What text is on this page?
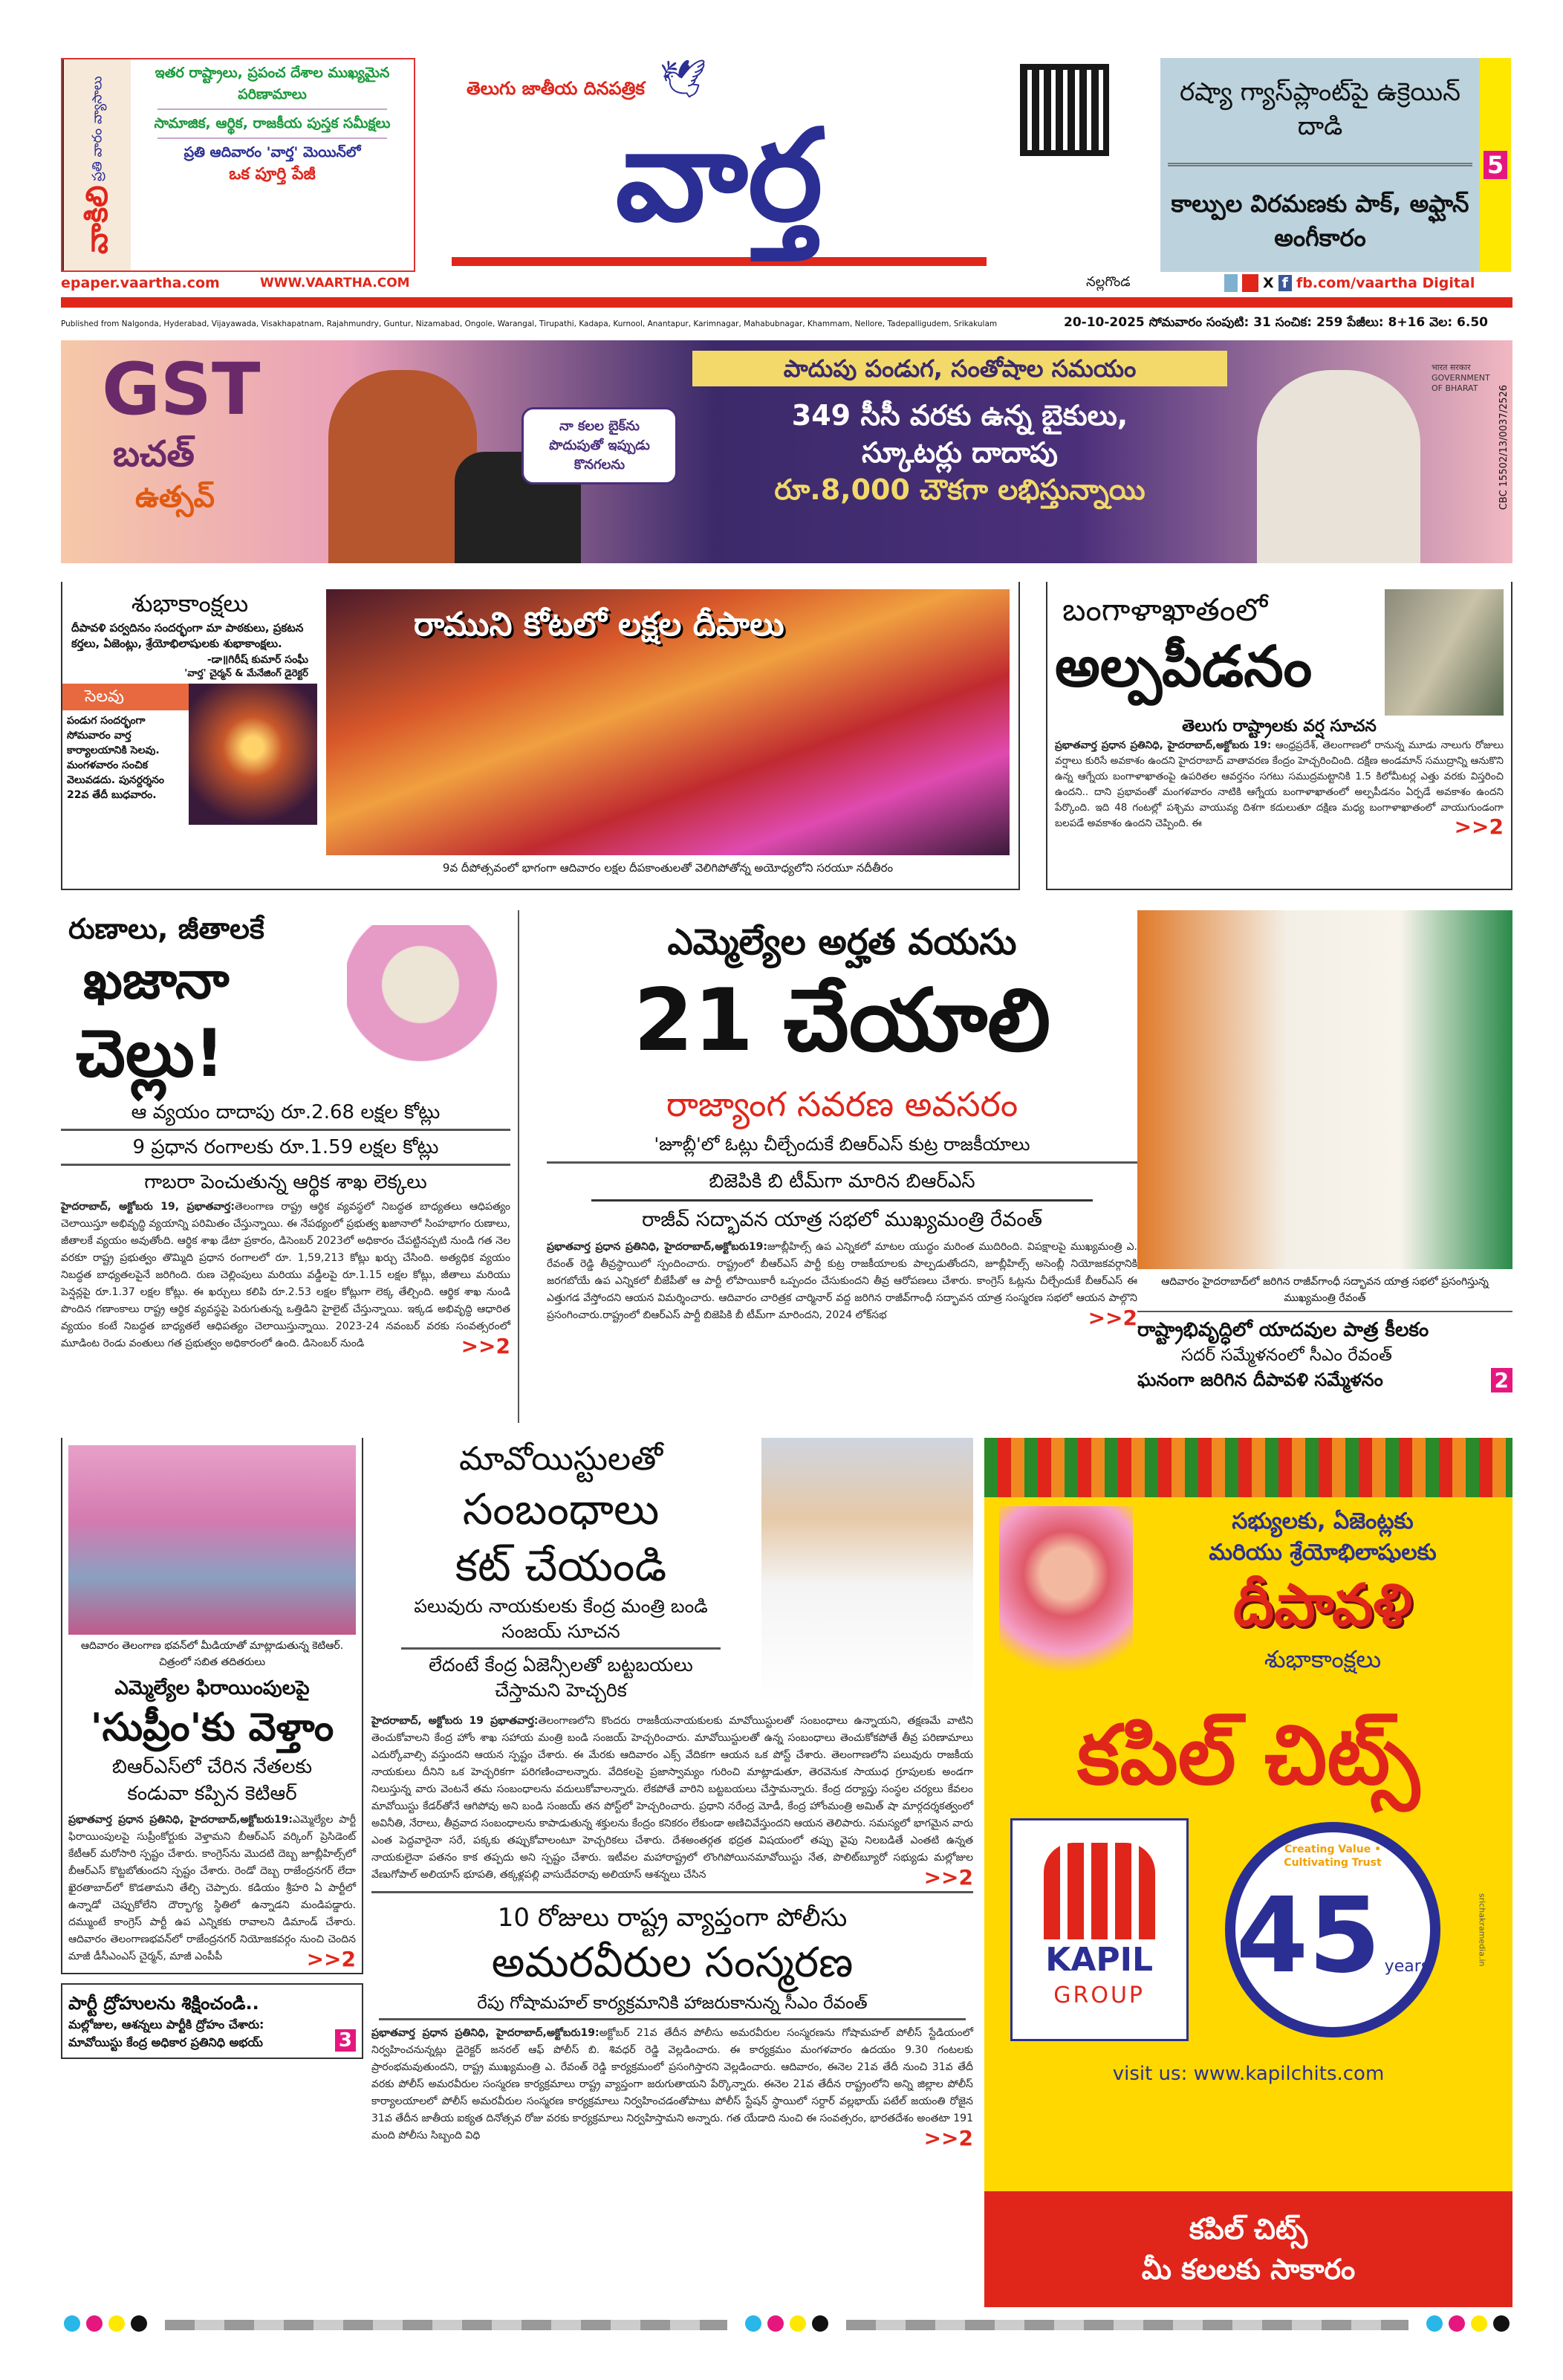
వాకిలి
ప్రతి వారం వ్యాసాలు
ఇతర రాష్ట్రాలు, ప్రపంచ దేశాల ముఖ్యమైన పరిణామాలు
సామాజిక, ఆర్థిక, రాజకీయ పుస్తక సమీక్షలు
ప్రతి ఆదివారం 'వార్త' మెయిన్‌లో
ఒక పూర్తి పేజీ
తెలుగు జాతీయ దినపత్రిక 🕊
వార్త
రష్యా గ్యాస్‌ప్లాంట్‌పై ఉక్రెయిన్ దాడి
కాల్పుల విరమణకు పాక్, అఫ్ఘాన్ అంగీకారం
5
epaper.vaartha.com	WWW.VAARTHA.COM	నల్లగొండ	X f fb.com/vaartha Digital
Published from Nalgonda, Hyderabad, Vijayawada, Visakhapatnam, Rajahmundry, Guntur, Nizamabad, Ongole, Warangal, Tirupathi, Kadapa, Kurnool, Anantapur, Karimnagar, Mahabubnagar, Khammam, Nellore, Tadepalligudem, Srikakulam	20-10-2025 సోమవారం సంపుటి: 31 సంచిక: 259 పేజీలు: 8+16 వెల: 6.50
GST
బచత్
ఉత్సవ్
నా కలల బైక్‌ను పొదుపుతో ఇప్పుడు కొనగలను
పాదుపు పండుగ, సంతోషాల సమయం
349 సీసీ వరకు ఉన్న బైకులు,
స్కూటర్లు దాదాపు
రూ.8,000 చౌకగా లభిస్తున్నాయి
भारत सरकार GOVERNMENT OF BHARAT	CBC 15502/13/0037/2526
శుభాకాంక్షలు
దీపావళి పర్వదినం సందర్భంగా మా పాఠకులు, ప్రకటన కర్తలు, ఏజెంట్లు, శ్రేయోభిలాషులకు శుభాకాంక్షలు.
-డా॥గిరీష్ కుమార్ సంఘీ
'వార్త' చైర్మన్ & మేనేజింగ్ డైరెక్టర్
సెలవు
పండుగ సందర్భంగా సోమవారం వార్త కార్యాలయానికి సెలవు. మంగళవారం సంచిక వెలువడదు. పునర్దర్శనం 22వ తేదీ బుధవారం.
రాముని కోటలో లక్షల దీపాలు
9వ దీపోత్సవంలో భాగంగా ఆదివారం లక్షల దీపకాంతులతో వెలిగిపోతోన్న అయోధ్యలోని సరయూ నదీతీరం
బంగాళాఖాతంలో
అల్పపీడనం
తెలుగు రాష్ట్రాలకు వర్ష సూచన
ప్రభాతవార్త ప్రధాన ప్రతినిధి, హైదరాబాద్,అక్టోబరు 19: ఆంధ్రప్రదేశ్, తెలంగాణలో రానున్న మూడు నాలుగు రోజులు వర్షాలు కురిసే అవకాశం ఉందని హైదరాబాద్ వాతావరణ కేంద్రం హెచ్చరించింది. దక్షిణ అండమాన్ సముద్రాన్ని ఆనుకొని ఉన్న ఆగ్నేయ బంగాళాఖాతంపై ఉపరితల ఆవర్తనం సగటు సముద్రమట్టానికి 1.5 కిలోమీటర్ల ఎత్తు వరకు విస్తరించి ఉందని.. దాని ప్రభావంతో మంగళవారం నాటికి ఆగ్నేయ బంగాళాఖాతంలో అల్పపీడనం ఏర్పడే అవకాశం ఉందని పేర్కొంది. ఇది 48 గంటల్లో పశ్చిమ వాయువ్య దిశగా కదులుతూ దక్షిణ మధ్య బంగాళాఖాతంలో వాయుగుండంగా బలపడే అవకాశం ఉందని చెప్పింది. ఈ	>>2
రుణాలు, జీతాలకే
ఖజానా
చెల్లు!
ఆ వ్యయం దాదాపు రూ.2.68 లక్షల కోట్లు
9 ప్రధాన రంగాలకు రూ.1.59 లక్షల కోట్లు
గాబరా పెంచుతున్న ఆర్థిక శాఖ లెక్కలు
హైదరాబాద్, అక్టోబరు 19, ప్రభాతవార్త:తెలంగాణ రాష్ట్ర ఆర్థిక వ్యవస్థలో నిబద్ధత బాధ్యతలు ఆధిపత్యం చెలాయిస్తూ అభివృద్ధి వ్యయాన్ని పరిమితం చేస్తున్నాయి. ఈ నేపథ్యంలో ప్రభుత్వ ఖజానాలో సింహభాగం రుణాలు, జీతాలకే వ్యయం అవుతోంది. ఆర్థిక శాఖ డేటా ప్రకారం, డిసెంబర్ 2023లో అధికారం చేపట్టినప్పటి నుండి గత నెల వరకూ రాష్ట్ర ప్రభుత్వం తొమ్మిది ప్రధాన రంగాలలో రూ. 1,59,213 కోట్లు ఖర్చు చేసింది. అత్యధిక వ్యయం నిబద్ధత బాధ్యతలపైనే జరిగింది. రుణ చెల్లింపులు మరియు వడ్డీలపై రూ.1.15 లక్షల కోట్లు, జీతాలు మరియు పెన్షన్లపై రూ.1.37 లక్షల కోట్లు. ఈ ఖర్చులు కలిపి రూ.2.53 లక్షల కోట్లుగా లెక్క తేల్చింది. ఆర్థిక శాఖ నుండి పొందిన గణాంకాలు రాష్ట్ర ఆర్థిక వ్యవస్థపై పెరుగుతున్న ఒత్తిడిని హైలైట్ చేస్తున్నాయి. ఇక్కడ అభివృద్ధి ఆధారిత వ్యయం కంటే నిబద్ధత బాధ్యతలే ఆధిపత్యం చెలాయిస్తున్నాయి. 2023-24 నవంబర్ వరకు సంవత్సరంలో మూడింట రెండు వంతులు గత ప్రభుత్వం అధికారంలో ఉంది. డిసెంబర్ నుండి	>>2
ఎమ్మెల్యేల అర్హత వయసు
21 చేయాలి
రాజ్యాంగ సవరణ అవసరం
'జూబ్లీ'లో ఓట్లు చీల్చేందుకే బిఆర్ఎస్ కుట్ర రాజకీయాలు
బిజెపికి బి టీమ్‌గా మారిన బిఆర్ఎస్
రాజీవ్ సద్భావన యాత్ర సభలో ముఖ్యమంత్రి రేవంత్
ప్రభాతవార్త ప్రధాన ప్రతినిధి, హైదరాబాద్,అక్టోబరు19:జూబ్లీహిల్స్ ఉప ఎన్నికలో మాటల యుద్ధం మరింత ముదిరింది. విపక్షాలపై ముఖ్యమంత్రి ఎ. రేవంత్ రెడ్డి తీవ్రస్థాయిలో స్పందించారు. రాష్ట్రంలో బీఆర్ఎస్ పార్టీ కుట్ర రాజకీయాలకు పాల్పడుతోందని, జూబ్లీహిల్స్ అసెంబ్లీ నియోజకవర్గానికి జరగబోయే ఉప ఎన్నికలో బీజేపీతో ఆ పార్టీ లోపాయికారీ ఒప్పందం చేసుకుందని తీవ్ర ఆరోపణలు చేశారు. కాంగ్రెస్ ఓట్లను చీల్చేందుకే బీఆర్ఎస్ ఈ ఎత్తుగడ వేస్తోందని ఆయన విమర్శించారు. ఆదివారం చారిత్రక చార్మినార్ వద్ద జరిగిన రాజీవ్‌గాంధీ సద్భావన యాత్ర సంస్మరణ సభలో ఆయన పాల్గొని ప్రసంగించారు.రాష్ట్రంలో బిఆర్ఎస్ పార్టీ బిజెపికి బీ టీమ్‌గా మారిందని, 2024 లోక్‌సభ	>>2
ఆదివారం హైదరాబాద్‌లో జరిగిన రాజీవ్‌గాంధీ సద్భావన యాత్ర సభలో ప్రసంగిస్తున్న ముఖ్యమంత్రి రేవంత్
రాష్ట్రాభివృద్ధిలో యాదవుల పాత్ర కీలకం
సదర్ సమ్మేళనంలో సీఎం రేవంత్
ఘనంగా జరిగిన దీపావళి సమ్మేళనం	2
ఆదివారం తెలంగాణ భవన్‌లో మీడియాతో మాట్లాడుతున్న కెటిఆర్. చిత్రంలో సబిత తదితరులు
ఎమ్మెల్యేల ఫిరాయింపులపై
'సుప్రీం'కు వెళ్తాం
బిఆర్ఎస్‌లో చేరిన నేతలకు
కండువా కప్పిన కెటిఆర్
ప్రభాతవార్త ప్రధాన ప్రతినిధి, హైదరాబాద్,అక్టోబరు19:ఎమ్మెల్యేల పార్టీ ఫిరాయింపులపై సుప్రీంకోర్టుకు వెళ్తామని బీఆర్ఎస్ వర్కింగ్ ప్రెసిడెంట్ కేటీఆర్ మరోసారి స్పష్టం చేశారు. కాంగ్రెస్‌ను మొదటి దెబ్బ జూబ్లీహిల్స్‌లో బీఆర్ఎస్ కొట్టబోతుందని స్పష్టం చేశారు. రెండో దెబ్బ రాజేంద్రనగర్ లేదా ఖైరతాబాద్‌లో కొడతామని తేల్చి చెప్పారు. కడియం శ్రీహరి ఏ పార్టీలో ఉన్నాడో చెప్పుకోలేని దౌర్భాగ్య స్థితిలో ఉన్నాడని మండిపడ్డారు. దమ్ముంటే కాంగ్రెస్ పార్టీ ఉప ఎన్నికకు రావాలని డిమాండ్ చేశారు. ఆదివారం తెలంగాణభవన్‌లో రాజేంద్రనగర్ నియోజకవర్గం నుంచి చెందిన మాజీ డీసీఎంఎస్ చైర్మన్, మాజీ ఎంపీపీ	>>2
పార్టీ ద్రోహులను శిక్షించండి..
మల్లోజుల, ఆశన్నలు పార్టీకి ద్రోహం చేశారు:
మావోయిస్టు కేంద్ర అధికార ప్రతినిధి అభయ్	3
మావోయిస్టులతో
సంబంధాలు
కట్ చేయండి
పలువురు నాయకులకు కేంద్ర మంత్రి బండి సంజయ్ సూచన
లేదంటే కేంద్ర ఏజెన్సీలతో బట్టబయలు చేస్తామని హెచ్చరిక
హైదరాబాద్, అక్టోబరు 19 ప్రభాతవార్త:తెలంగాణలోని కొందరు రాజకీయనాయకులకు మావోయిస్టులతో సంబంధాలు ఉన్నాయని, తక్షణమే వాటిని తెంచుకోవాలని కేంద్ర హోం శాఖ సహాయ మంత్రి బండి సంజయ్ హెచ్చరించారు. మావోయిస్టులతో ఉన్న సంబంధాలు తెంచుకోకపోతే తీవ్ర పరిణామాలు ఎదుర్కోవాల్సి వస్తుందని ఆయన స్పష్టం చేశారు. ఈ మేరకు ఆదివారం ఎక్స్ వేదికగా ఆయన ఒక పోస్ట్ చేశారు. తెలంగాణలోని పలువురు రాజకీయ నాయకులు దీనిని ఒక హెచ్చరికగా పరిగణించాలన్నారు. వేదికలపై ప్రజాస్వామ్యం గురించి మాట్లాడుతూ, తెరవెనుక సాయుధ గ్రూపులకు అండగా నిలుస్తున్న వారు వెంటనే తమ సంబంధాలను వదులుకోవాలన్నారు. లేకపోతే వారిని బట్టబయలు చేస్తామన్నారు. కేంద్ర దర్యాప్తు సంస్థల చర్యలు కేవలం మావోయిస్టు కేడర్‌తోనే ఆగిపోవు అని బండి సంజయ్ తన పోస్ట్‌లో హెచ్చరించారు. ప్రధాని నరేంద్ర మోడీ, కేంద్ర హోంమంత్రి అమిత్ షా మార్గదర్శకత్వంలో అవినీతి, నేరాలు, తీవ్రవాద సంబంధాలను కాపాడుతున్న శక్తులను కేంద్రం కనికరం లేకుండా అణిచివేస్తుందని ఆయన తెలిపారు. సమస్యలో భాగమైన వారు ఎంత పెద్దవారైనా సరే, పక్కకు తప్పుకోవాలంటూ హెచ్చరికలు చేశారు. దేశఅంతర్గత భద్రత విషయంలో తప్పు వైపు నిలబడితే ఎంతటి ఉన్నత నాయకులైనా పతనం కాక తప్పదు అని స్పష్టం చేశారు. ఇటీవల మహారాష్ట్రలో లొంగిపోయినమావోయిస్టు నేత, పొలిట్‌బ్యూరో సభ్యుడు మల్లోజుల వేణుగోపాల్ అలియాస్ భూపతి, తక్కళ్లపల్లి వాసుదేవరావు అలియాస్ ఆశన్నలు చేసిన	>>2
10 రోజులు రాష్ట్ర వ్యాప్తంగా పోలీసు
అమరవీరుల సంస్మరణ
రేపు గోషామహల్ కార్యక్రమానికి హాజరుకానున్న సీఎం రేవంత్
ప్రభాతవార్త ప్రధాన ప్రతినిధి, హైదరాబాద్,అక్టోబరు19:అక్టోబర్ 21వ తేదీన పోలీసు అమరవీరుల సంస్మరణను గోషామహల్ పోలీస్ స్టేడియంలో నిర్వహించనున్నట్లు డైరెక్టర్ జనరల్ ఆఫ్ పోలీస్ బి. శివధర్ రెడ్డి వెల్లడించారు. ఈ కార్యక్రమం మంగళవారం ఉదయం 9.30 గంటలకు ప్రారంభమవుతుందని, రాష్ట్ర ముఖ్యమంత్రి ఎ. రేవంత్ రెడ్డి కార్యక్రమంలో ప్రసంగిస్తారని వెల్లడించారు. ఆదివారం, ఈనెల 21వ తేదీ నుంచి 31వ తేదీ వరకు పోలీస్ అమరవీరుల సంస్మరణ కార్యక్రమాలు రాష్ట్ర వ్యాప్తంగా జరుగుతాయని పేర్కొన్నారు. ఈనెల 21వ తేదీన రాష్ట్రంలోని అన్ని జిల్లాల పోలీస్ కార్యాలయాలలో పోలీస్ అమరవీరుల సంస్మరణ కార్యక్రమాలు నిర్వహించడంతోపాటు పోలీస్ స్టేషన్ స్థాయిలో సర్దార్ వల్లభాయ్ పటేల్ జయంతి రోజైన 31వ తేదీన జాతీయ ఐక్యత దినోత్సవ రోజు వరకు కార్యక్రమాలు నిర్వహిస్తామని అన్నారు. గత యేడాది నుంచి ఈ సంవత్సరం, భారతదేశం అంతటా 191 మంది పోలీసు సిబ్బంది విధి	>>2
సభ్యులకు, ఏజెంట్లకు
మరియు శ్రేయోభిలాషులకు
దీపావళి
శుభాకాంక్షలు
కపిల్ చిట్స్
KAPIL
GROUP
Creating Value • Cultivating Trust
45 years
srichakramedia.in
visit us: www.kapilchits.com
కపిల్ చిట్స్
మీ కలలకు సాకారం
